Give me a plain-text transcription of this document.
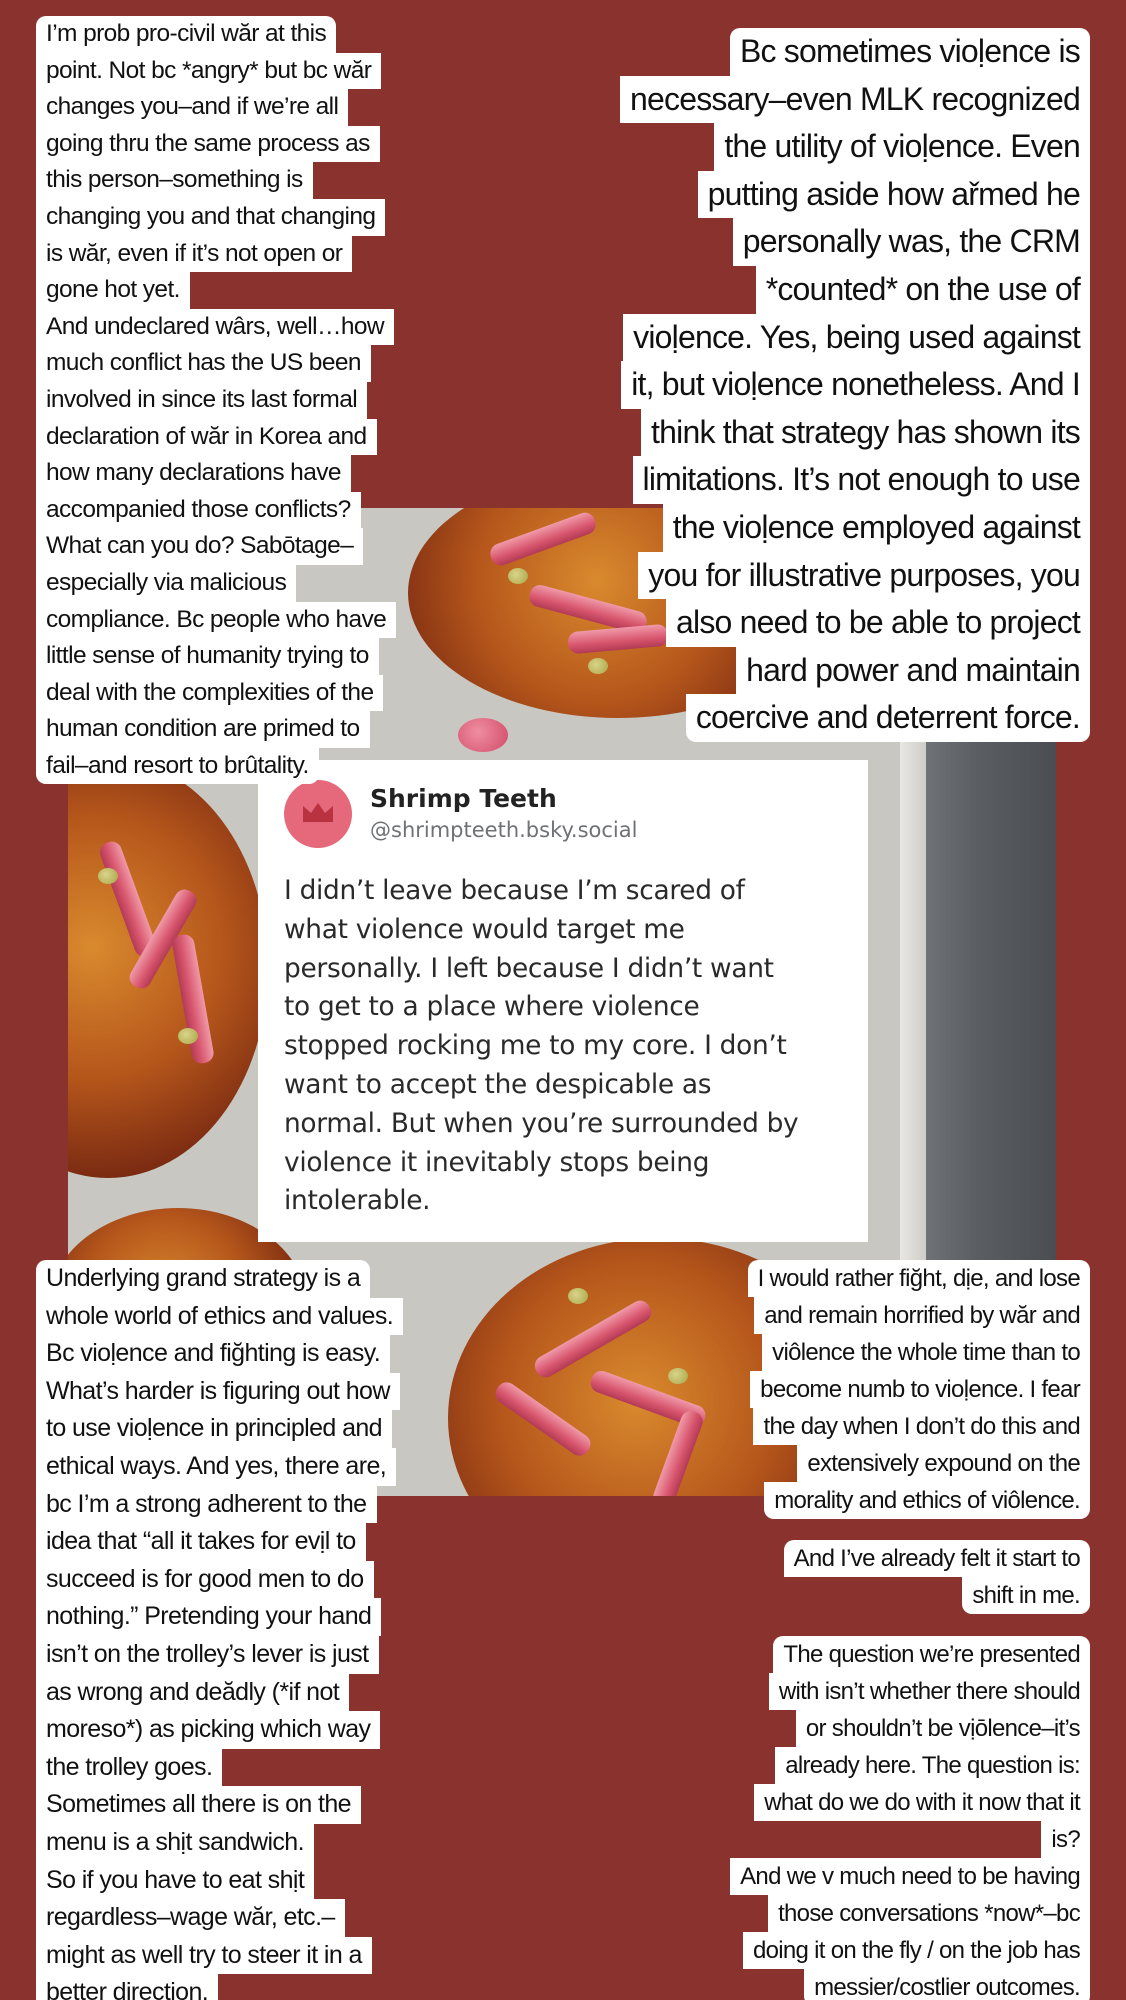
Shrimp Teeth
@shrimpteeth.bsky.social
I didn’t leave because I’m scared of
what violence would target me
personally. I left because I didn’t want
to get to a place where violence
stopped rocking me to my core. I don’t
want to accept the despicable as
normal. But when you’re surrounded by
violence it inevitably stops being
intolerable.
I’m prob pro-civil wăr at this
point. Not bc *angry* but bc wăr
changes you–and if we’re all
going thru the same process as
this person–something is
changing you and that changing
is wăr, even if it’s not open or
gone hot yet.
And undeclared wârs, well…how
much conflict has the US been
involved in since its last formal
declaration of wăr in Korea and
how many declarations have
accompanied those conflicts?
What can you do? Sabōtage–
especially via malicious
compliance. Bc people who have
little sense of humanity trying to
deal with the complexities of the
human condition are primed to
fail–and resort to brûtality.
Bc sometimes vioḷence is
necessary–even MLK recognized
the utility of vioḷence. Even
putting aside how ařmed he
personally was, the CRM
*counted* on the use of
vioḷence. Yes, being used against
it, but vioḷence nonetheless. And I
think that strategy has shown its
limitations. It’s not enough to use
the vioḷence employed against
you for illustrative purposes, you
also need to be able to project
hard power and maintain
coercive and deterrent force.
Underlying grand strategy is a
whole world of ethics and values.
Bc vioḷence and fiğhting is easy.
What’s harder is figuring out how
to use vioḷence in principled and
ethical ways. And yes, there are,
bc I’m a strong adherent to the
idea that “all it takes for evịl to
succeed is for good men to do
nothing.” Pretending your hand
isn’t on the trolley’s lever is just
as wrong and deădly (*if not
moreso*) as picking which way
the trolley goes.
Sometimes all there is on the
menu is a shịt sandwich.
So if you have to eat shịt
regardless–wage wăr, etc.–
might as well try to steer it in a
better direction.
I would rather fiğht, dịe, and lose
and remain horrified by wăr and
viôlence the whole time than to
become numb to vioḷence. I fear
the day when I don’t do this and
extensively expound on the
morality and ethics of viôlence.
And I’ve already felt it start to
shift in me.
The question we’re presented
with isn’t whether there should
or shouldn’t be vịōlence–it’s
already here. The question is:
what do we do with it now that it
is?
And we v much need to be having
those conversations *now*–bc
doing it on the fly / on the job has
messier/costlier outcomes.
